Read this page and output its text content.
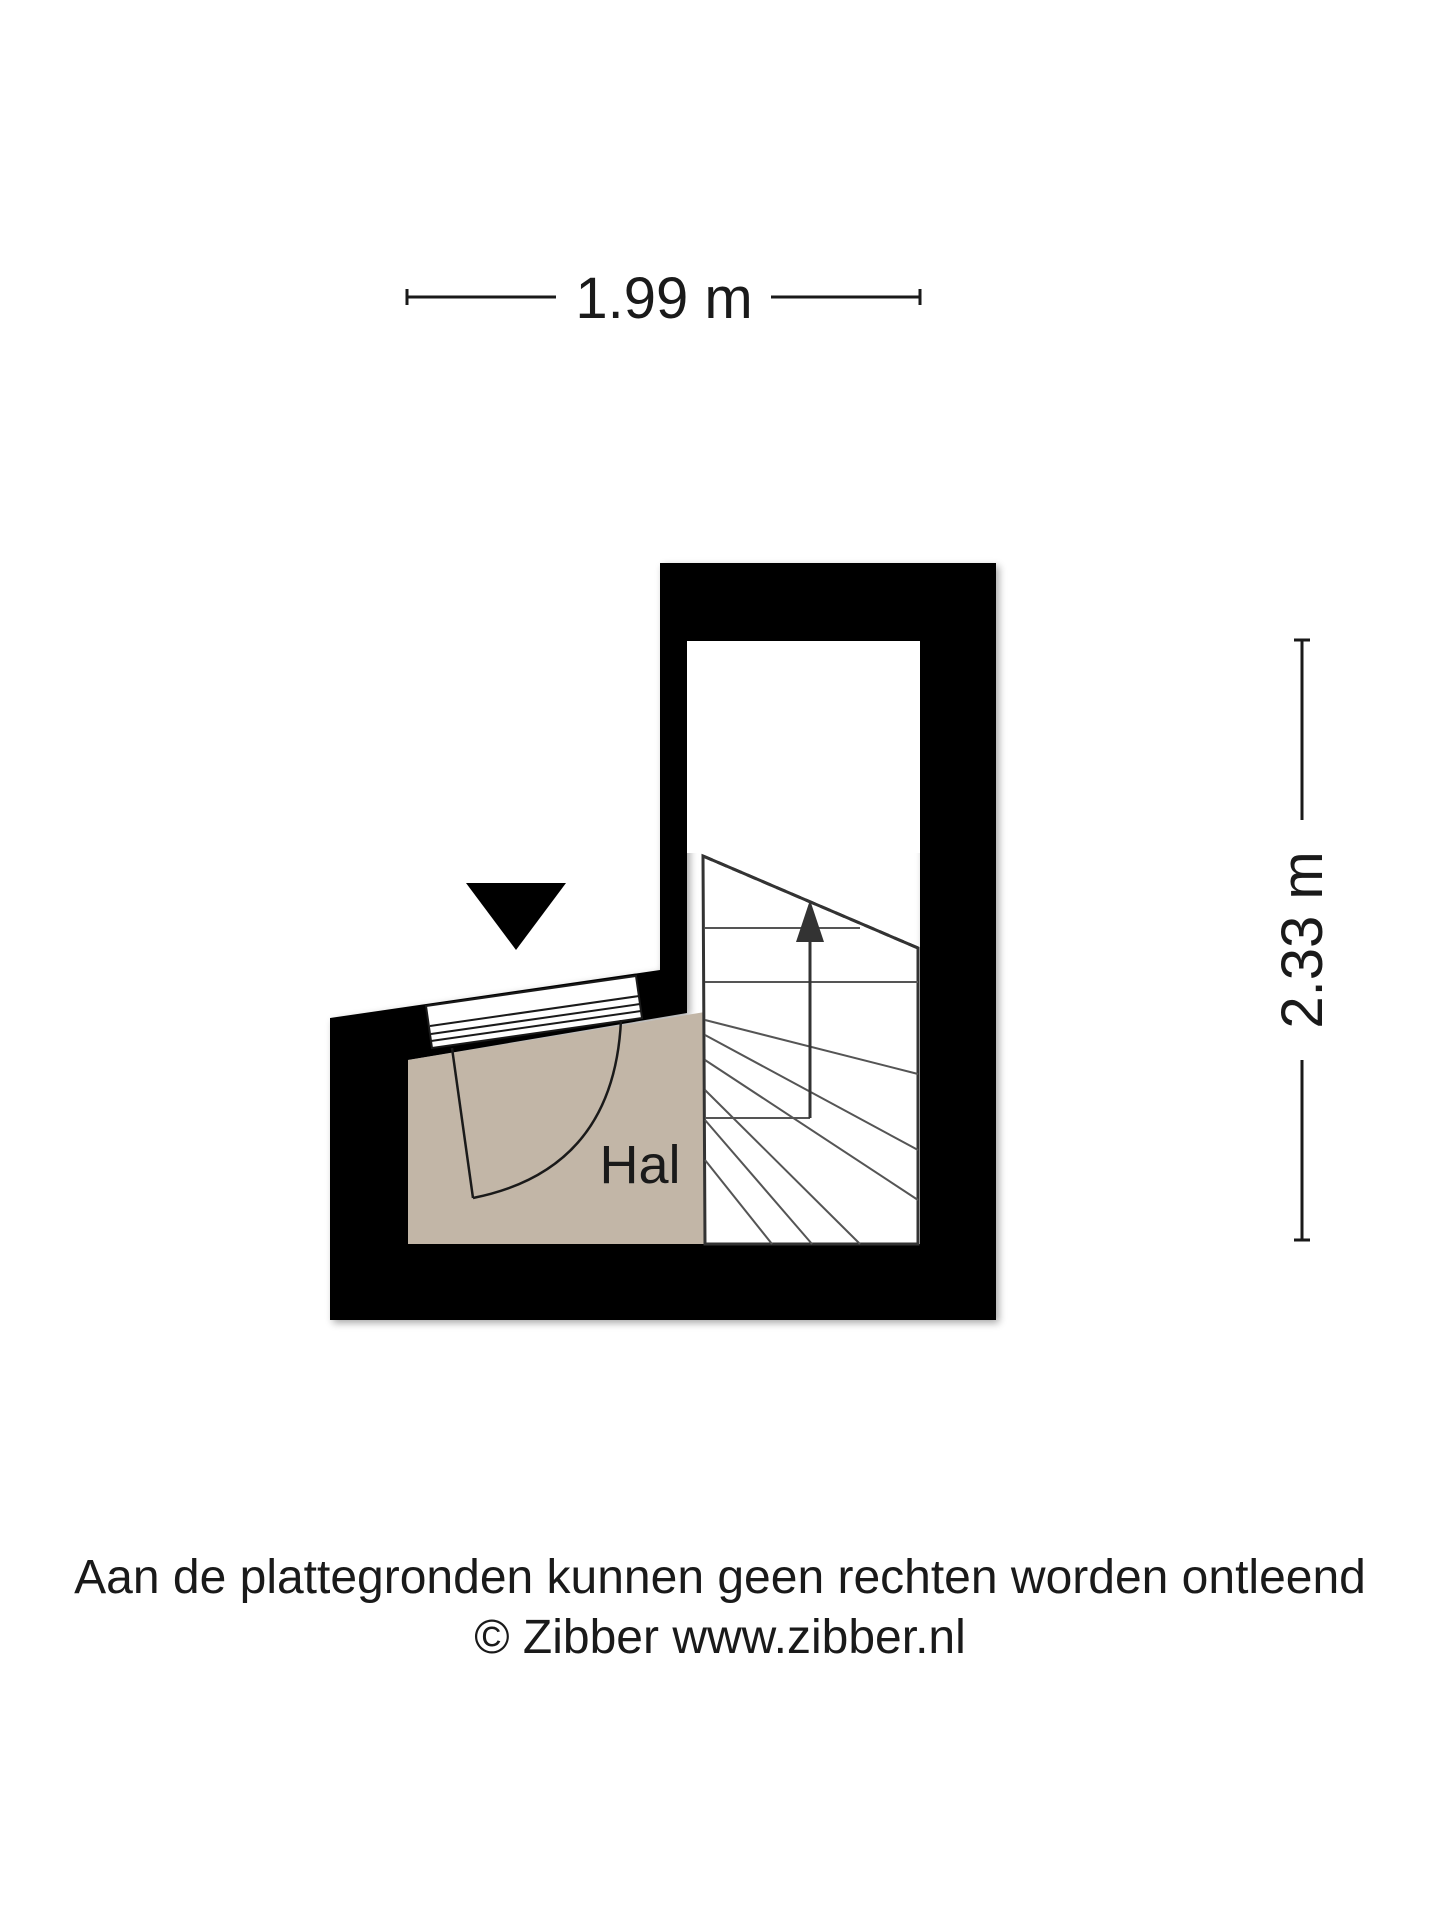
1.99 m
2.33 m
Hal
Aan de plattegronden kunnen geen rechten worden ontleend
© Zibber www.zibber.nl
